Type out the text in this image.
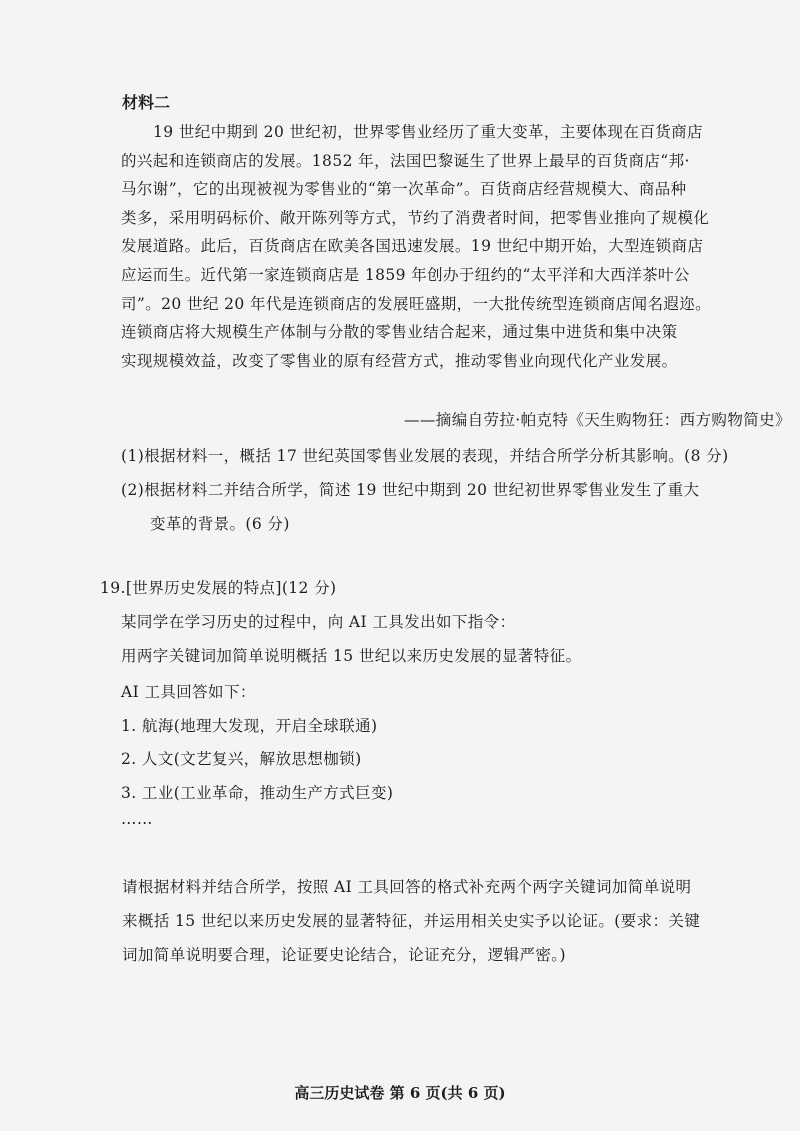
材料二
19 世纪中期到 20 世纪初，世界零售业经历了重大变革，主要体现在百货商店
的兴起和连锁商店的发展。1852 年，法国巴黎诞生了世界上最早的百货商店“邦·
马尔谢”，它的出现被视为零售业的“第一次革命”。百货商店经营规模大、商品种
类多，采用明码标价、敞开陈列等方式，节约了消费者时间，把零售业推向了规模化
发展道路。此后，百货商店在欧美各国迅速发展。19 世纪中期开始，大型连锁商店
应运而生。近代第一家连锁商店是 1859 年创办于纽约的“太平洋和大西洋茶叶公
司”。20 世纪 20 年代是连锁商店的发展旺盛期，一大批传统型连锁商店闻名遐迩。
连锁商店将大规模生产体制与分散的零售业结合起来，通过集中进货和集中决策
实现规模效益，改变了零售业的原有经营方式，推动零售业向现代化产业发展。
——摘编自劳拉·帕克特《天生购物狂：西方购物简史》
(1)根据材料一，概括 17 世纪英国零售业发展的表现，并结合所学分析其影响。(8 分)
(2)根据材料二并结合所学，简述 19 世纪中期到 20 世纪初世界零售业发生了重大
变革的背景。(6 分)
19.[世界历史发展的特点](12 分)
某同学在学习历史的过程中，向 AI 工具发出如下指令：
用两字关键词加简单说明概括 15 世纪以来历史发展的显著特征。
AI 工具回答如下：
1. 航海(地理大发现，开启全球联通)
2. 人文(文艺复兴，解放思想枷锁)
3. 工业(工业革命，推动生产方式巨变)
……
请根据材料并结合所学，按照 AI 工具回答的格式补充两个两字关键词加简单说明
来概括 15 世纪以来历史发展的显著特征，并运用相关史实予以论证。(要求：关键
词加简单说明要合理，论证要史论结合，论证充分，逻辑严密。)
高三历史试卷 第 6 页(共 6 页)
